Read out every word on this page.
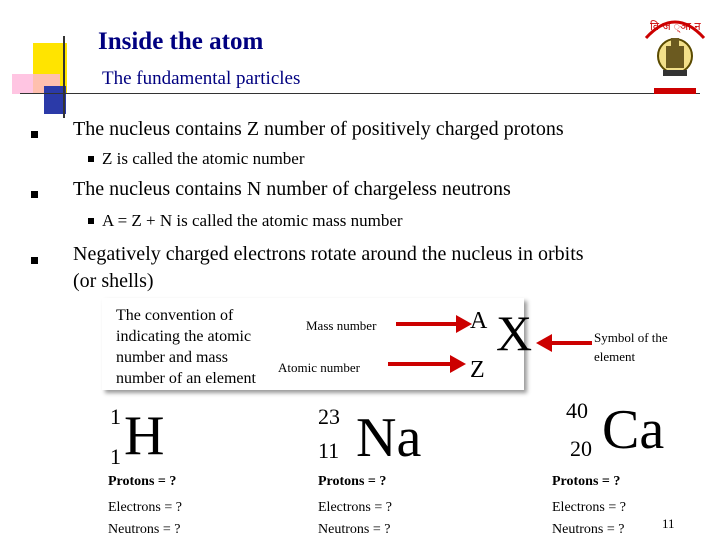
Inside the atom
The fundamental particles
वि ज ्ञा न
The nucleus contains Z number of positively charged protons
Z is called the atomic number
The nucleus contains N number of chargeless neutrons
A = Z + N is called the atomic mass number
Negatively charged electrons rotate around the nucleus in orbits
(or shells)
The convention of
indicating the atomic
number and mass
number of an element
Mass number
Atomic number
A
Z
X	Symbol of the
element
1
1 H
Protons = ?
Electrons = ?
Neutrons = ?
23
11 Na
Protons = ?
Electrons = ?
Neutrons = ?
40
20 Ca
Protons = ?
Electrons = ?
Neutrons = ?	11
